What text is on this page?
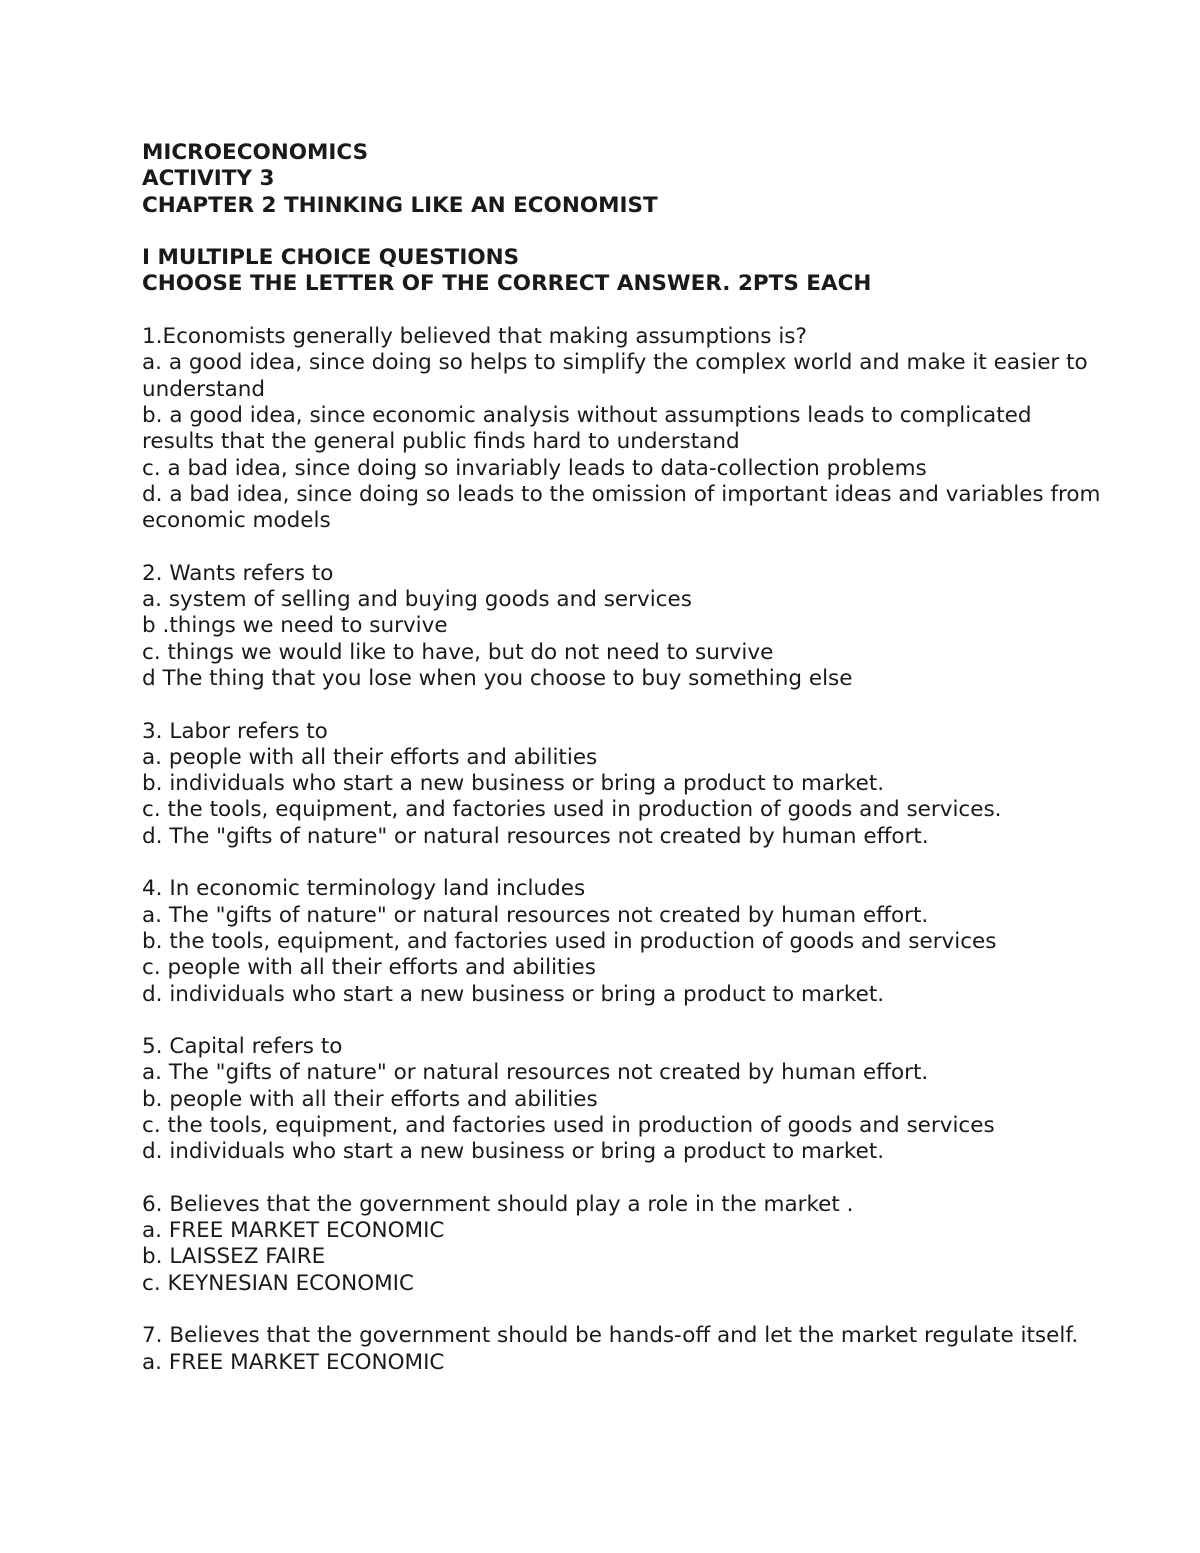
MICROECONOMICS
ACTIVITY 3
CHAPTER 2 THINKING LIKE AN ECONOMIST
I MULTIPLE CHOICE QUESTIONS
CHOOSE THE LETTER OF THE CORRECT ANSWER. 2PTS EACH
1.Economists generally believed that making assumptions is?
a. a good idea, since doing so helps to simplify the complex world and make it easier to understand
b. a good idea, since economic analysis without assumptions leads to complicated results that the general public finds hard to understand
c. a bad idea, since doing so invariably leads to data-collection problems
d. a bad idea, since doing so leads to the omission of important ideas and variables from economic models
2. Wants refers to
a. system of selling and buying goods and services
b .things we need to survive
c. things we would like to have, but do not need to survive
d The thing that you lose when you choose to buy something else
3. Labor refers to
a. people with all their efforts and abilities
b. individuals who start a new business or bring a product to market.
c. the tools, equipment, and factories used in production of goods and services.
d. The "gifts of nature" or natural resources not created by human effort.
4. In economic terminology land includes
a. The "gifts of nature" or natural resources not created by human effort.
b. the tools, equipment, and factories used in production of goods and services
c. people with all their efforts and abilities
d. individuals who start a new business or bring a product to market.
5. Capital refers to
a. The "gifts of nature" or natural resources not created by human effort.
b. people with all their efforts and abilities
c. the tools, equipment, and factories used in production of goods and services
d. individuals who start a new business or bring a product to market.
6. Believes that the government should play a role in the market .
a. FREE MARKET ECONOMIC
b. LAISSEZ FAIRE
c. KEYNESIAN ECONOMIC
7. Believes that the government should be hands-off and let the market regulate itself.
a. FREE MARKET ECONOMIC
